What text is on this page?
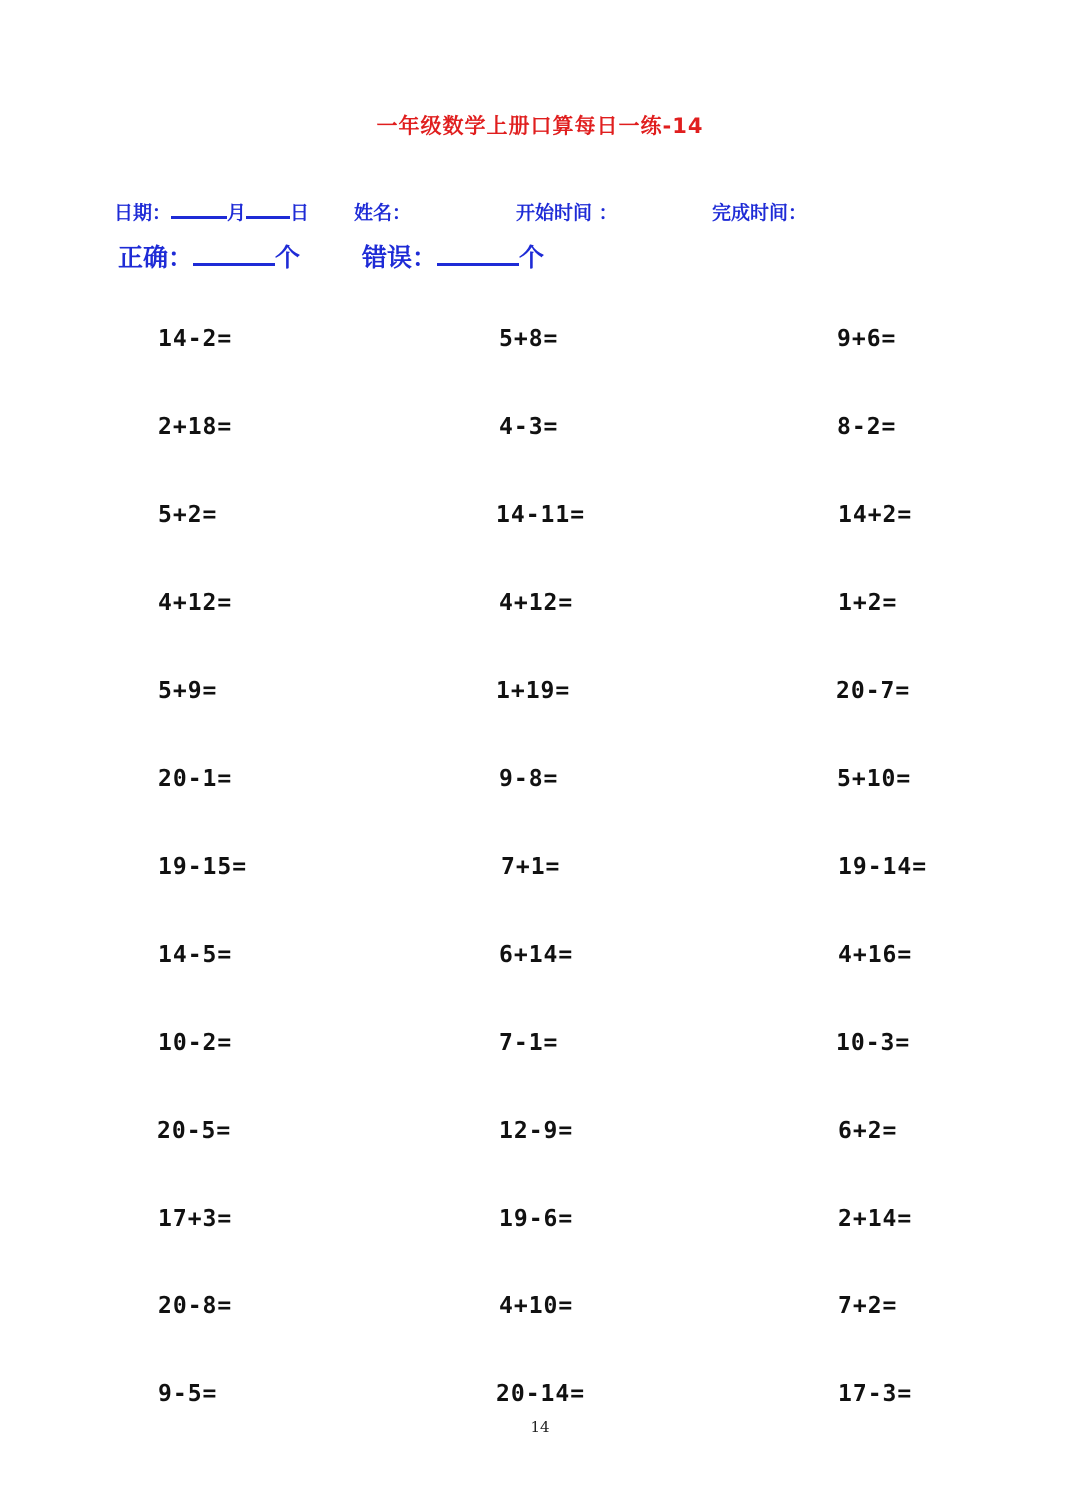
一年级数学上册口算每日一练-14
日期：	月 日 姓名：	开始时间 ：	完成时间：
正确：	个 错误：	个
14-2=	5+8=	9+6=
2+18=	4-3=	8-2=
5+2=	14-11=	14+2=
4+12=	4+12=	1+2=
5+9=	1+19=	20-7=
20-1=	9-8=	5+10=
19-15=	7+1=	19-14=
14-5=	6+14=	4+16=
10-2=	7-1=	10-3=
20-5=	12-9=	6+2=
17+3=	19-6=	2+14=
20-8=	4+10=	7+2=
9-5=	20-14=	17-3=
14
